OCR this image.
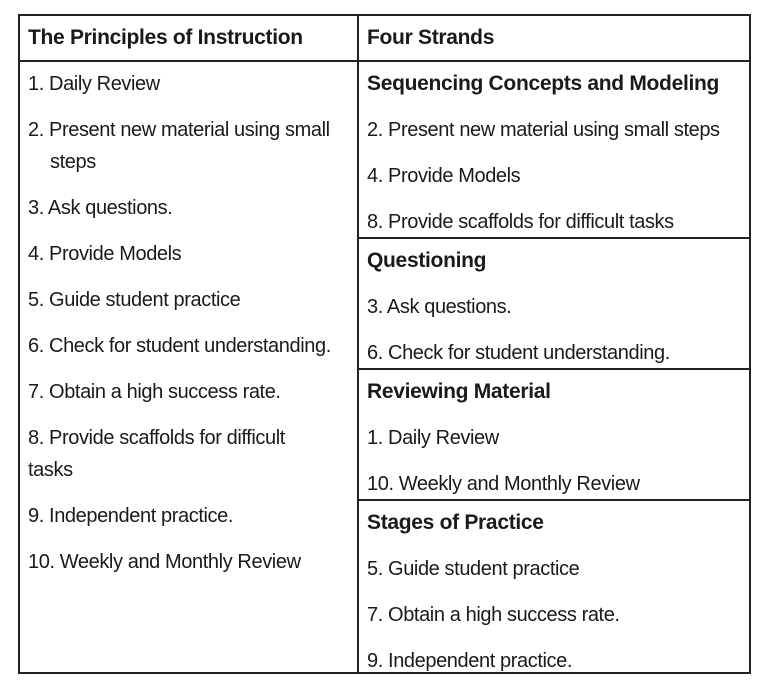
The Principles of Instruction	Four Strands
1. Daily Review
2. Present new material using small
steps
3. Ask questions.
4. Provide Models
5. Guide student practice
6. Check for student understanding.
7. Obtain a high success rate.
8. Provide scaffolds for difficult
tasks
9. Independent practice.
10. Weekly and Monthly Review
Sequencing Concepts and Modeling
2. Present new material using small steps
4. Provide Models
8. Provide scaffolds for difficult tasks
Questioning
3. Ask questions.
6. Check for student understanding.
Reviewing Material
1. Daily Review
10. Weekly and Monthly Review
Stages of Practice
5. Guide student practice
7. Obtain a high success rate.
9. Independent practice.
